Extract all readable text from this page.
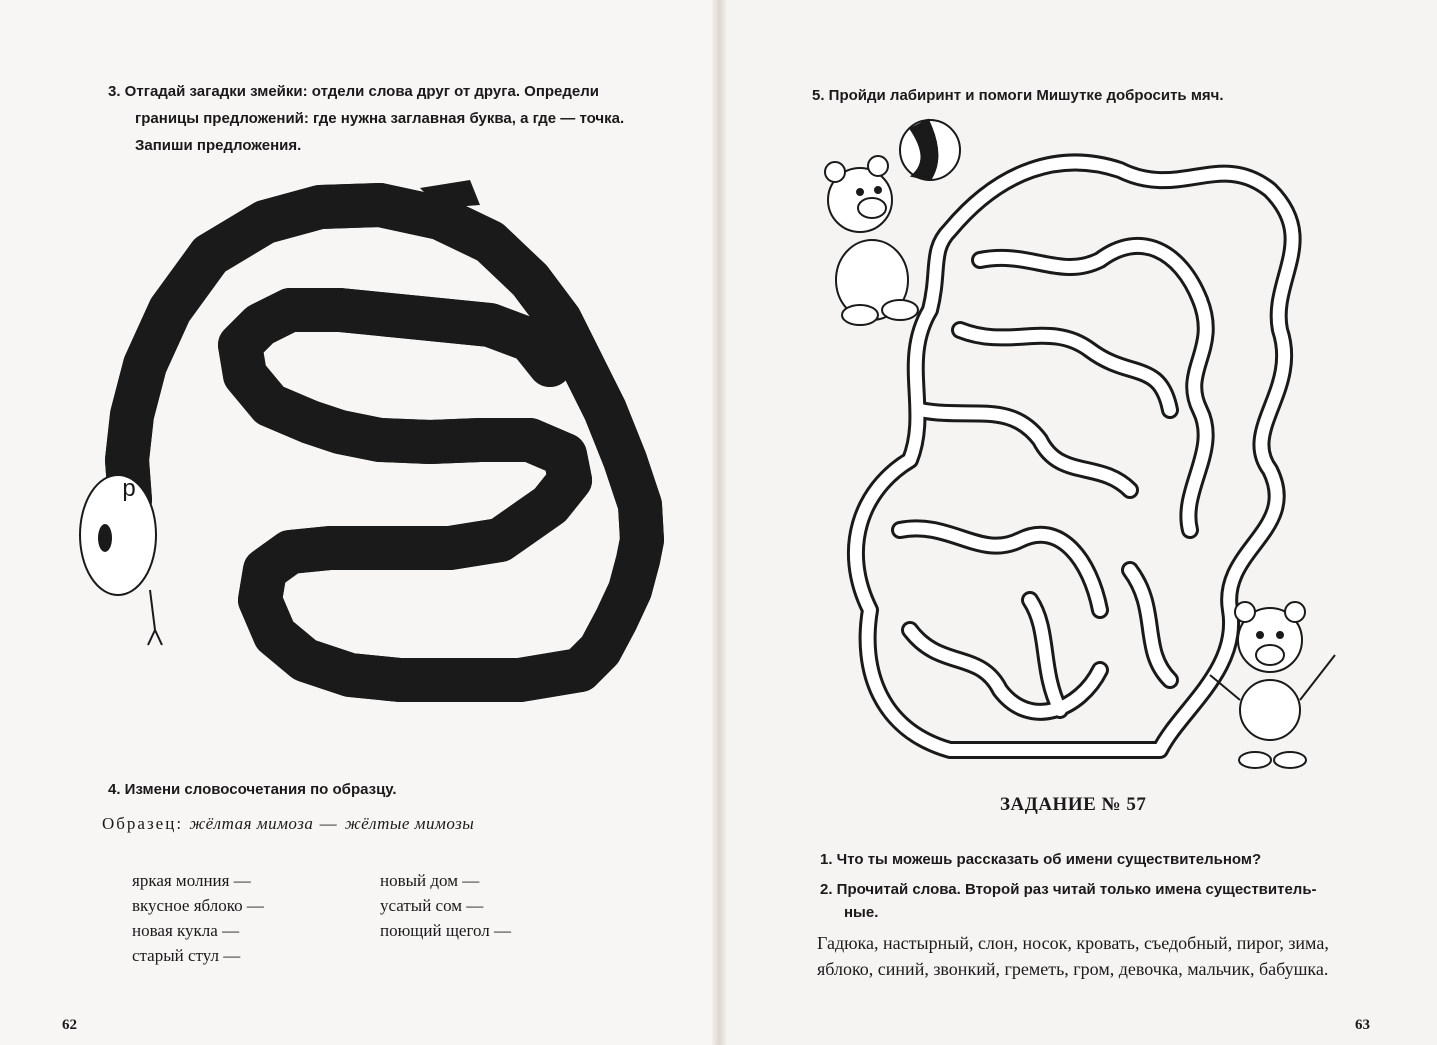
3. Отгадай загадки змейки: отдели слова друг от друга. Определи
границы предложений: где нужна заглавная буква, а где — точка.
Запиши предложения.
р
а
н
о
у
т
р
о
м
м
и ш а п о ш ё л в л е с
ь
я
ь
т
с
и
л
ь
т
а
р
и
б
о
с
а
ш
и
м
л
а
т
с
р
ё
в
о
к
й
ы
р
т
с
ё
п и м а г о н д о п
з
ё
р
е
б
и
в
о
н
ё
л
к
с
а
в
т
с
и
л
а л е т е л б о к р а
п
4. Измени словосочетания по образцу.
Образец: жёлтая мимоза — жёлтые мимозы
яркая молния —
вкусное яблоко —
новая кукла —
старый стул —
новый дом —
усатый сом —
поющий щегол —
62
5. Пройди лабиринт и помоги Мишутке добросить мяч.
ЗАДАНИЕ № 57
1. Что ты можешь рассказать об имени существительном?
2. Прочитай слова. Второй раз читай только имена существитель-
ные.
Гадюка, настырный, слон, носок, кровать, съедобный, пирог, зима, яблоко, синий, звонкий, греметь, гром, девочка, мальчик, бабушка.
63
